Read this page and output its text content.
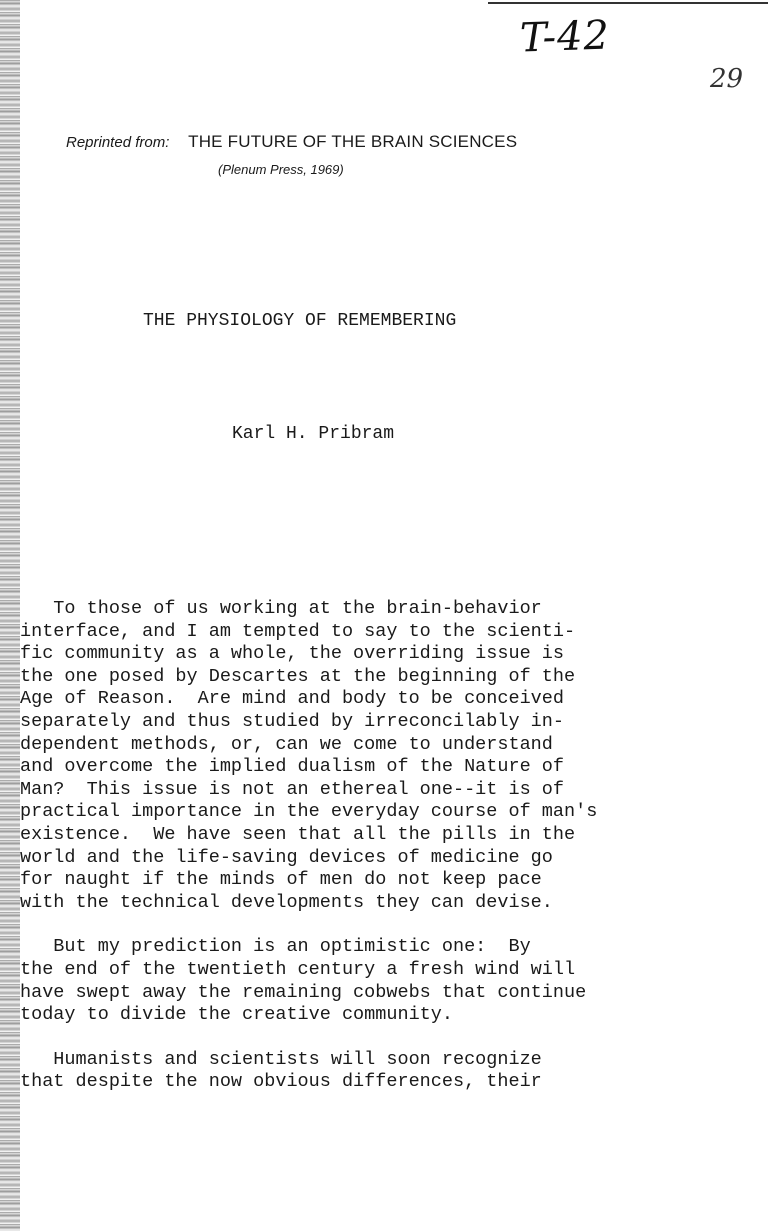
T-42
29
Reprinted from: THE FUTURE OF THE BRAIN SCIENCES
(Plenum Press, 1969)
THE PHYSIOLOGY OF REMEMBERING
Karl H. Pribram

To those of us working at the brain-behavior
interface, and I am tempted to say to the scienti-
fic community as a whole, the overriding issue is
the one posed by Descartes at the beginning of the
Age of Reason.  Are mind and body to be conceived
separately and thus studied by irreconcilably in-
dependent methods, or, can we come to understand
and overcome the implied dualism of the Nature of
Man?  This issue is not an ethereal one--it is of
practical importance in the everyday course of man's
existence.  We have seen that all the pills in the
world and the life-saving devices of medicine go
for naught if the minds of men do not keep pace
with the technical developments they can devise.

But my prediction is an optimistic one:  By
the end of the twentieth century a fresh wind will
have swept away the remaining cobwebs that continue
today to divide the creative community.

Humanists and scientists will soon recognize
that despite the now obvious differences, their
